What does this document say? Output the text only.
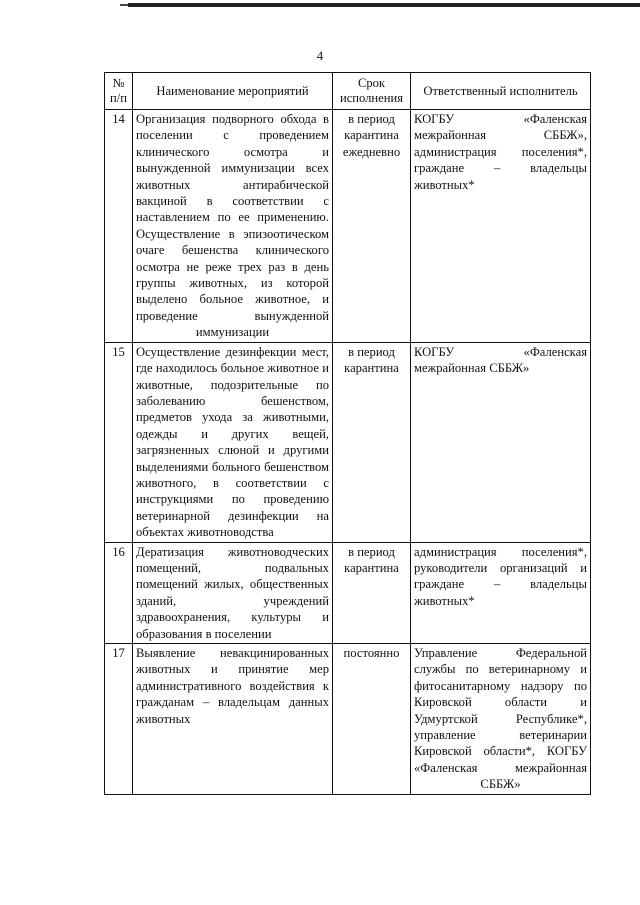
4
№ п/п	Наименование мероприятий	Срок исполнения	Ответственный исполнитель
14	Организация подворного обхода в поселении с проведением клинического осмотра и вынужденной иммунизации всех животных антирабической вакциной в соответствии с наставлением по ее применению. Осуществление в эпизоотическом очаге бешенства клинического осмотра не реже трех раз в день группы животных, из которой выделено больное животное, и проведение вынужденной иммунизации	в период карантина ежедневно	КОГБУ «Фаленская межрайонная СББЖ», администрация поселения*, граждане – владельцы животных*
15	Осуществление дезинфекции мест, где находилось больное животное и животные, подозрительные по заболеванию бешенством, предметов ухода за животными, одежды и других вещей, загрязненных слюной и другими выделениями больного бешенством животного, в соответствии с инструкциями по проведению ветеринарной дезинфекции на объектах животноводства	в период карантина	КОГБУ «Фаленская межрайонная СББЖ»
16	Дератизация животноводческих помещений, подвальных помещений жилых, общественных зданий, учреждений здравоохранения, культуры и образования в поселении	в период карантина	администрация поселения*, руководители организаций и граждане – владельцы животных*
17	Выявление невакцинированных животных и принятие мер административного воздействия к гражданам – владельцам данных животных	постоянно	Управление Федеральной службы по ветеринарному и фитосанитарному надзору по Кировской области и Удмуртской Республике*, управление ветеринарии Кировской области*, КОГБУ «Фаленская межрайонная СББЖ»
